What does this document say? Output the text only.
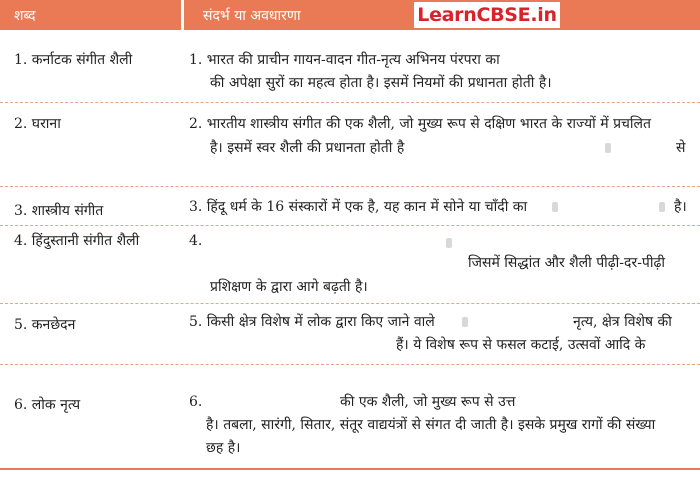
शब्द	संदर्भ या अवधारणा	LearnCBSE.in
1. कर्नाटक संगीत शैली	1. भारत की प्राचीन गायन-वादन गीत-नृत्य अभिनय पंरपरा का
की अपेक्षा सुरों का महत्व होता है। इसमें नियमों की प्रधानता होती है।
2. घराना	2. भारतीय शास्त्रीय संगीत की एक शैली, जो मुख्य रूप से दक्षिण भारत के राज्यों में प्रचलित
है। इसमें स्वर शैली की प्रधानता होती है	से
3. शास्त्रीय संगीत	3. हिंदू धर्म के 16 संस्कारों में एक है, यह कान में सोने या चाँदी का	है।
4. हिंदुस्तानी संगीत शैली	4.
जिसमें सिद्धांत और शैली पीढ़ी-दर-पीढ़ी
प्रशिक्षण के द्वारा आगे बढ़ती है।
5. कनछेदन	5. किसी क्षेत्र विशेष में लोक द्वारा किए जाने वाले	नृत्य, क्षेत्र विशेष की
हैं। ये विशेष रूप से फसल कटाई, उत्सवों आदि के
6. लोक नृत्य	6.	की एक शैली, जो मुख्य रूप से उत्त
है। तबला, सारंगी, सितार, संतूर वाद्ययंत्रों से संगत दी जाती है। इसके प्रमुख रागों की संख्या
छह है।
